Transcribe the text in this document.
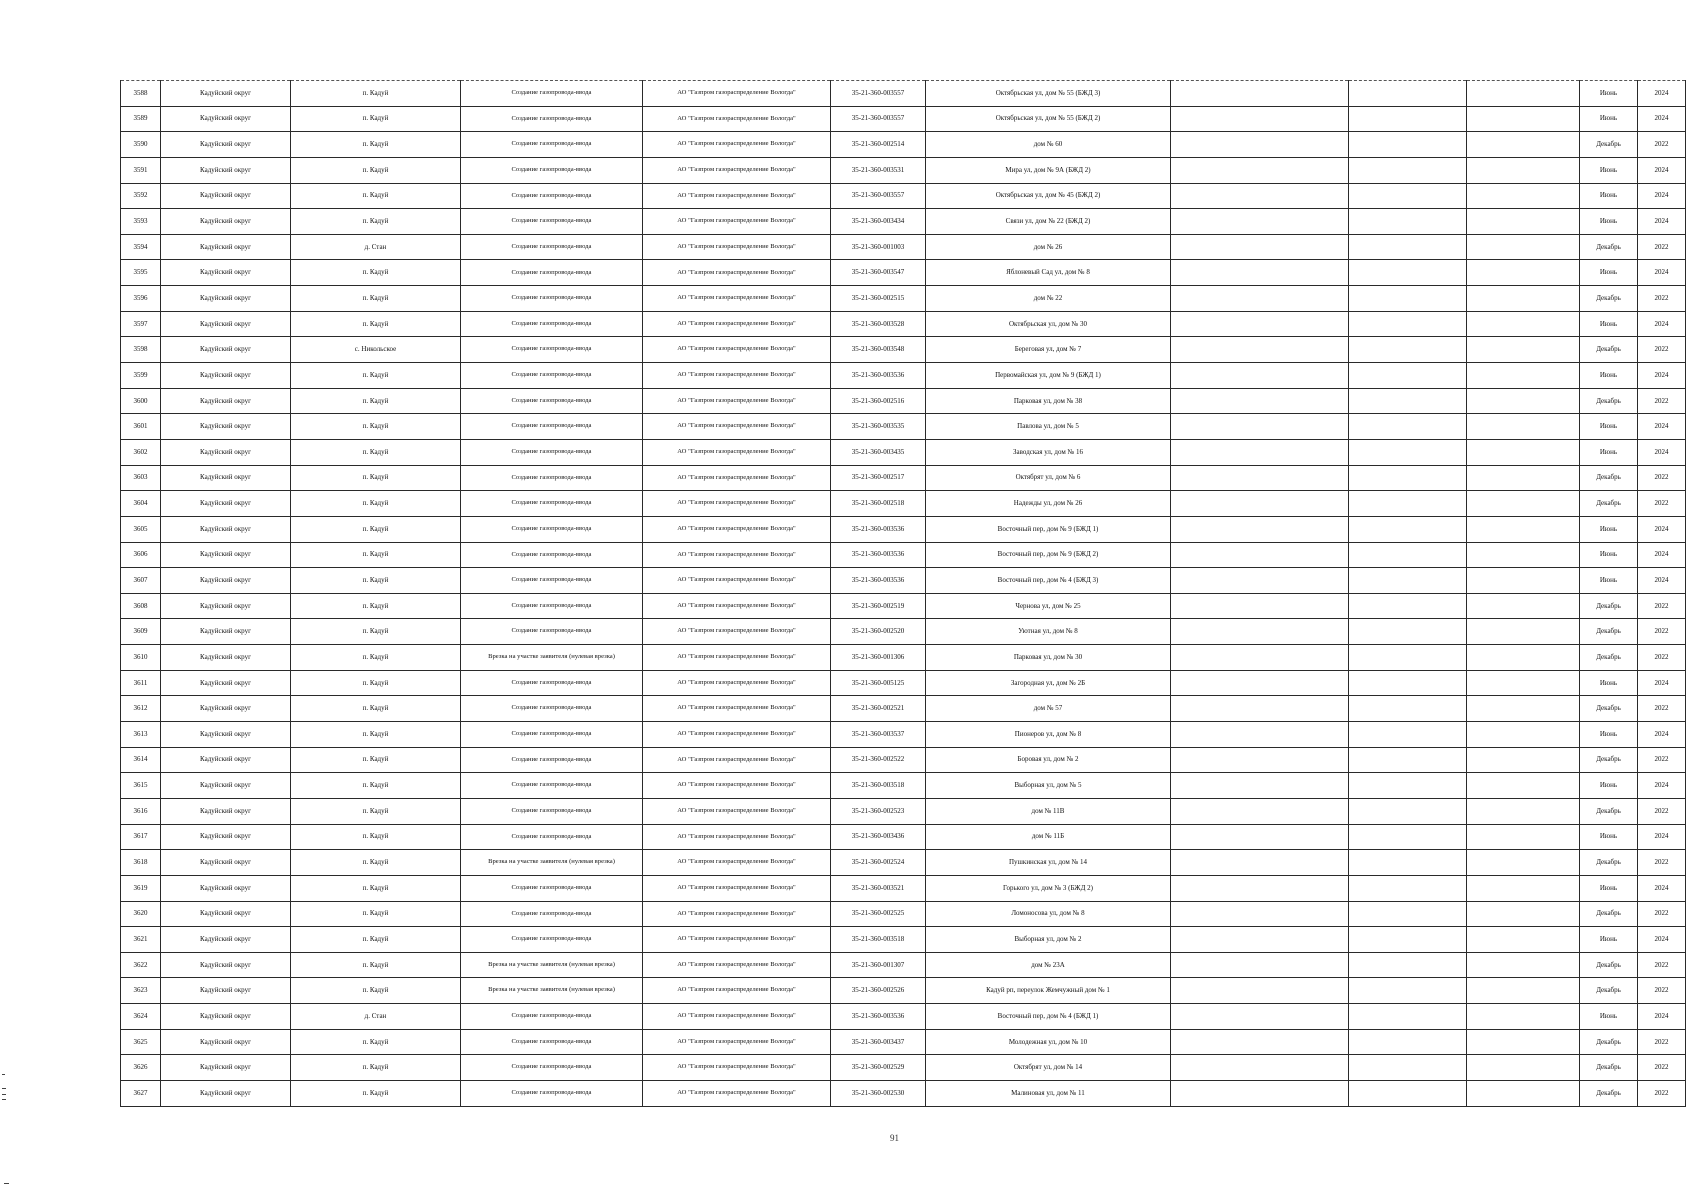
3588	Кадуйский округ	п. Кадуй	Создание газопровода-ввода	АО "Газпром газораспределение Вологда"	35-21-360-003557	Октябрьская ул, дом № 55 (БЖД 3)				Июнь	2024
3589	Кадуйский округ	п. Кадуй	Создание газопровода-ввода	АО "Газпром газораспределение Вологда"	35-21-360-003557	Октябрьская ул, дом № 55 (БЖД 2)				Июнь	2024
3590	Кадуйский округ	п. Кадуй	Создание газопровода-ввода	АО "Газпром газораспределение Вологда"	35-21-360-002514	дом № 60				Декабрь	2022
3591	Кадуйский округ	п. Кадуй	Создание газопровода-ввода	АО "Газпром газораспределение Вологда"	35-21-360-003531	Мира ул, дом № 9А (БЖД 2)				Июнь	2024
3592	Кадуйский округ	п. Кадуй	Создание газопровода-ввода	АО "Газпром газораспределение Вологда"	35-21-360-003557	Октябрьская ул, дом № 45 (БЖД 2)				Июнь	2024
3593	Кадуйский округ	п. Кадуй	Создание газопровода-ввода	АО "Газпром газораспределение Вологда"	35-21-360-003434	Связи ул, дом № 22 (БЖД 2)				Июнь	2024
3594	Кадуйский округ	д. Стан	Создание газопровода-ввода	АО "Газпром газораспределение Вологда"	35-21-360-001003	дом № 26				Декабрь	2022
3595	Кадуйский округ	п. Кадуй	Создание газопровода-ввода	АО "Газпром газораспределение Вологда"	35-21-360-003547	Яблоневый Сад ул, дом № 8				Июнь	2024
3596	Кадуйский округ	п. Кадуй	Создание газопровода-ввода	АО "Газпром газораспределение Вологда"	35-21-360-002515	дом № 22				Декабрь	2022
3597	Кадуйский округ	п. Кадуй	Создание газопровода-ввода	АО "Газпром газораспределение Вологда"	35-21-360-003528	Октябрьская ул, дом № 30				Июнь	2024
3598	Кадуйский округ	с. Никольское	Создание газопровода-ввода	АО "Газпром газораспределение Вологда"	35-21-360-003548	Береговая ул, дом № 7				Декабрь	2022
3599	Кадуйский округ	п. Кадуй	Создание газопровода-ввода	АО "Газпром газораспределение Вологда"	35-21-360-003536	Первомайская ул, дом № 9 (БЖД 1)				Июнь	2024
3600	Кадуйский округ	п. Кадуй	Создание газопровода-ввода	АО "Газпром газораспределение Вологда"	35-21-360-002516	Парковая ул, дом № 38				Декабрь	2022
3601	Кадуйский округ	п. Кадуй	Создание газопровода-ввода	АО "Газпром газораспределение Вологда"	35-21-360-003535	Павлова ул, дом № 5				Июнь	2024
3602	Кадуйский округ	п. Кадуй	Создание газопровода-ввода	АО "Газпром газораспределение Вологда"	35-21-360-003435	Заводская ул, дом № 16				Июнь	2024
3603	Кадуйский округ	п. Кадуй	Создание газопровода-ввода	АО "Газпром газораспределение Вологда"	35-21-360-002517	Октябрят ул, дом № 6				Декабрь	2022
3604	Кадуйский округ	п. Кадуй	Создание газопровода-ввода	АО "Газпром газораспределение Вологда"	35-21-360-002518	Надежды ул, дом № 26				Декабрь	2022
3605	Кадуйский округ	п. Кадуй	Создание газопровода-ввода	АО "Газпром газораспределение Вологда"	35-21-360-003536	Восточный пер, дом № 9 (БЖД 1)				Июнь	2024
3606	Кадуйский округ	п. Кадуй	Создание газопровода-ввода	АО "Газпром газораспределение Вологда"	35-21-360-003536	Восточный пер, дом № 9 (БЖД 2)				Июнь	2024
3607	Кадуйский округ	п. Кадуй	Создание газопровода-ввода	АО "Газпром газораспределение Вологда"	35-21-360-003536	Восточный пер, дом № 4 (БЖД 3)				Июнь	2024
3608	Кадуйский округ	п. Кадуй	Создание газопровода-ввода	АО "Газпром газораспределение Вологда"	35-21-360-002519	Чернова ул, дом № 25				Декабрь	2022
3609	Кадуйский округ	п. Кадуй	Создание газопровода-ввода	АО "Газпром газораспределение Вологда"	35-21-360-002520	Уютная ул, дом № 8				Декабрь	2022
3610	Кадуйский округ	п. Кадуй	Врезка на участке заявителя (нулевая врезка)	АО "Газпром газораспределение Вологда"	35-21-360-001306	Парковая ул, дом № 30				Декабрь	2022
3611	Кадуйский округ	п. Кадуй	Создание газопровода-ввода	АО "Газпром газораспределение Вологда"	35-21-360-005125	Загородная ул, дом № 2Б				Июнь	2024
3612	Кадуйский округ	п. Кадуй	Создание газопровода-ввода	АО "Газпром газораспределение Вологда"	35-21-360-002521	дом № 57				Декабрь	2022
3613	Кадуйский округ	п. Кадуй	Создание газопровода-ввода	АО "Газпром газораспределение Вологда"	35-21-360-003537	Пионеров ул, дом № 8				Июнь	2024
3614	Кадуйский округ	п. Кадуй	Создание газопровода-ввода	АО "Газпром газораспределение Вологда"	35-21-360-002522	Боровая ул, дом № 2				Декабрь	2022
3615	Кадуйский округ	п. Кадуй	Создание газопровода-ввода	АО "Газпром газораспределение Вологда"	35-21-360-003518	Выборная ул, дом № 5				Июнь	2024
3616	Кадуйский округ	п. Кадуй	Создание газопровода-ввода	АО "Газпром газораспределение Вологда"	35-21-360-002523	дом № 11В				Декабрь	2022
3617	Кадуйский округ	п. Кадуй	Создание газопровода-ввода	АО "Газпром газораспределение Вологда"	35-21-360-003436	дом № 11Б				Июнь	2024
3618	Кадуйский округ	п. Кадуй	Врезка на участке заявителя (нулевая врезка)	АО "Газпром газораспределение Вологда"	35-21-360-002524	Пушкинская ул, дом № 14				Декабрь	2022
3619	Кадуйский округ	п. Кадуй	Создание газопровода-ввода	АО "Газпром газораспределение Вологда"	35-21-360-003521	Горького ул, дом № 3 (БЖД 2)				Июнь	2024
3620	Кадуйский округ	п. Кадуй	Создание газопровода-ввода	АО "Газпром газораспределение Вологда"	35-21-360-002525	Ломоносова ул, дом № 8				Декабрь	2022
3621	Кадуйский округ	п. Кадуй	Создание газопровода-ввода	АО "Газпром газораспределение Вологда"	35-21-360-003518	Выборная ул, дом № 2				Июнь	2024
3622	Кадуйский округ	п. Кадуй	Врезка на участке заявителя (нулевая врезка)	АО "Газпром газораспределение Вологда"	35-21-360-001307	дом № 23А				Декабрь	2022
3623	Кадуйский округ	п. Кадуй	Врезка на участке заявителя (нулевая врезка)	АО "Газпром газораспределение Вологда"	35-21-360-002526	Кадуй рп, переулок Жемчужный дом № 1				Декабрь	2022
3624	Кадуйский округ	д. Стан	Создание газопровода-ввода	АО "Газпром газораспределение Вологда"	35-21-360-003536	Восточный пер, дом № 4 (БЖД 1)				Июнь	2024
3625	Кадуйский округ	п. Кадуй	Создание газопровода-ввода	АО "Газпром газораспределение Вологда"	35-21-360-003437	Молодежная ул, дом № 10				Декабрь	2022
3626	Кадуйский округ	п. Кадуй	Создание газопровода-ввода	АО "Газпром газораспределение Вологда"	35-21-360-002529	Октябрят ул, дом № 14				Декабрь	2022
3627	Кадуйский округ	п. Кадуй	Создание газопровода-ввода	АО "Газпром газораспределение Вологда"	35-21-360-002530	Малиновая ул, дом № 11				Декабрь	2022
91
